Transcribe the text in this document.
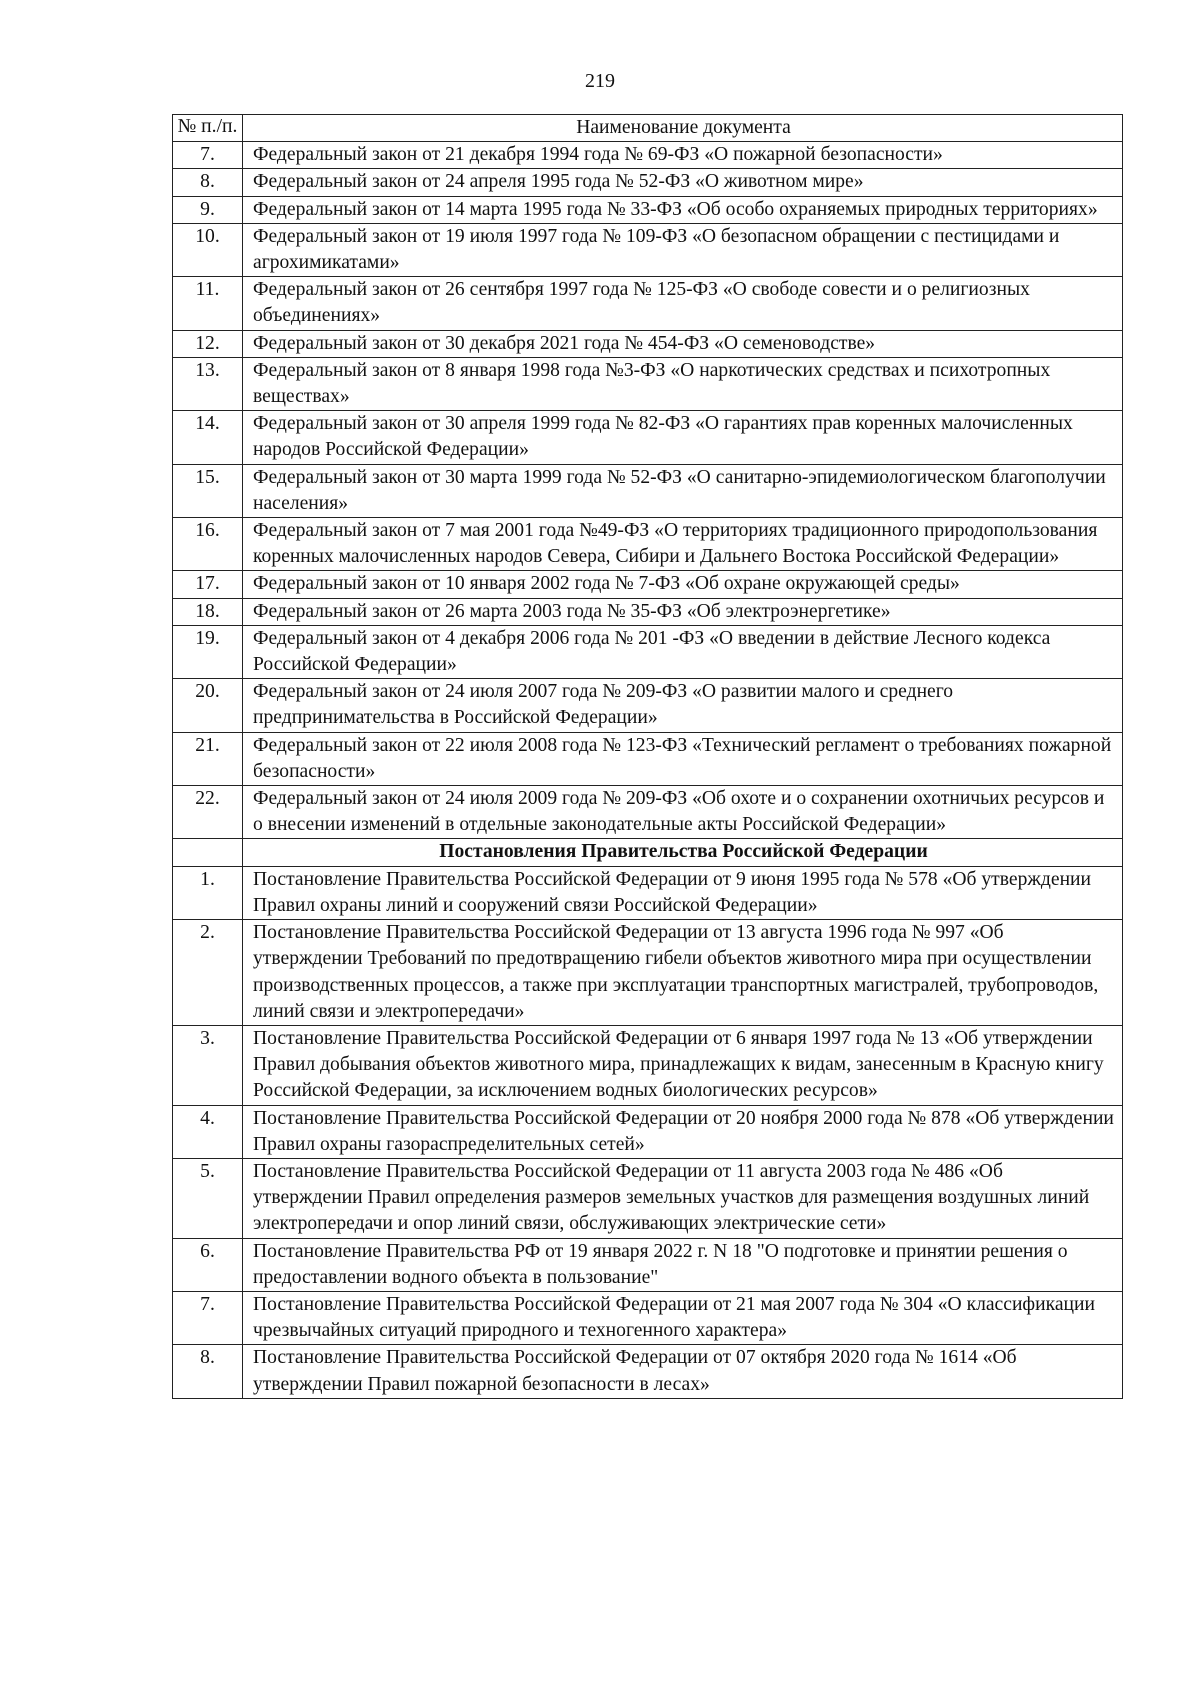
219
№ п./п.	Наименование документа
7.	Федеральный закон от 21 декабря 1994 года № 69-ФЗ «О пожарной безопасности»
8.	Федеральный закон от 24 апреля 1995 года № 52-ФЗ «О животном мире»
9.	Федеральный закон от 14 марта 1995 года № 33-ФЗ «Об особо охраняемых природных территориях»
10.	Федеральный закон от 19 июля 1997 года № 109-ФЗ «О безопасном обращении с пестицидами и агрохимикатами»
11.	Федеральный закон от 26 сентября 1997 года № 125-ФЗ «О свободе совести и о религиозных объединениях»
12.	Федеральный закон от 30 декабря 2021 года № 454-ФЗ «О семеноводстве»
13.	Федеральный закон от 8 января 1998 года №3-ФЗ «О наркотических средствах и психотропных веществах»
14.	Федеральный закон от 30 апреля 1999 года № 82-ФЗ «О гарантиях прав коренных малочисленных народов Российской Федерации»
15.	Федеральный закон от 30 марта 1999 года № 52-ФЗ «О санитарно-эпидемиологическом благополучии населения»
16.	Федеральный закон от 7 мая 2001 года №49-ФЗ «О территориях традиционного природопользования коренных малочисленных народов Севера, Сибири и Дальнего Востока Российской Федерации»
17.	Федеральный закон от 10 января 2002 года № 7-ФЗ «Об охране окружающей среды»
18.	Федеральный закон от 26 марта 2003 года № 35-ФЗ «Об электроэнергетике»
19.	Федеральный закон от 4 декабря 2006 года № 201 -ФЗ «О введении в действие Лесного кодекса Российской Федерации»
20.	Федеральный закон от 24 июля 2007 года № 209-ФЗ «О развитии малого и среднего предпринимательства в Российской Федерации»
21.	Федеральный закон от 22 июля 2008 года № 123-ФЗ «Технический регламент о требованиях пожарной безопасности»
22.	Федеральный закон от 24 июля 2009 года № 209-ФЗ «Об охоте и о сохранении охотничьих ресурсов и о внесении изменений в отдельные законодательные акты Российской Федерации»
	Постановления Правительства Российской Федерации
1.	Постановление Правительства Российской Федерации от 9 июня 1995 года № 578 «Об утверждении Правил охраны линий и сооружений связи Российской Федерации»
2.	Постановление Правительства Российской Федерации от 13 августа 1996 года № 997 «Об утверждении Требований по предотвращению гибели объектов животного мира при осуществлении производственных процессов, а также при эксплуатации транспортных магистралей, трубопроводов, линий связи и электропередачи»
3.	Постановление Правительства Российской Федерации от 6 января 1997 года № 13 «Об утверждении Правил добывания объектов животного мира, принадлежащих к видам, занесенным в Красную книгу Российской Федерации, за исключением водных биологических ресурсов»
4.	Постановление Правительства Российской Федерации от 20 ноября 2000 года № 878 «Об утверждении Правил охраны газораспределительных сетей»
5.	Постановление Правительства Российской Федерации от 11 августа 2003 года № 486 «Об утверждении Правил определения размеров земельных участков для размещения воздушных линий электропередачи и опор линий связи, обслуживающих электрические сети»
6.	Постановление Правительства РФ от 19 января 2022 г. N 18 "О подготовке и принятии решения о предоставлении водного объекта в пользование"
7.	Постановление Правительства Российской Федерации от 21 мая 2007 года № 304 «О классификации чрезвычайных ситуаций природного и техногенного характера»
8.	Постановление Правительства Российской Федерации от 07 октября 2020 года № 1614 «Об утверждении Правил пожарной безопасности в лесах»
